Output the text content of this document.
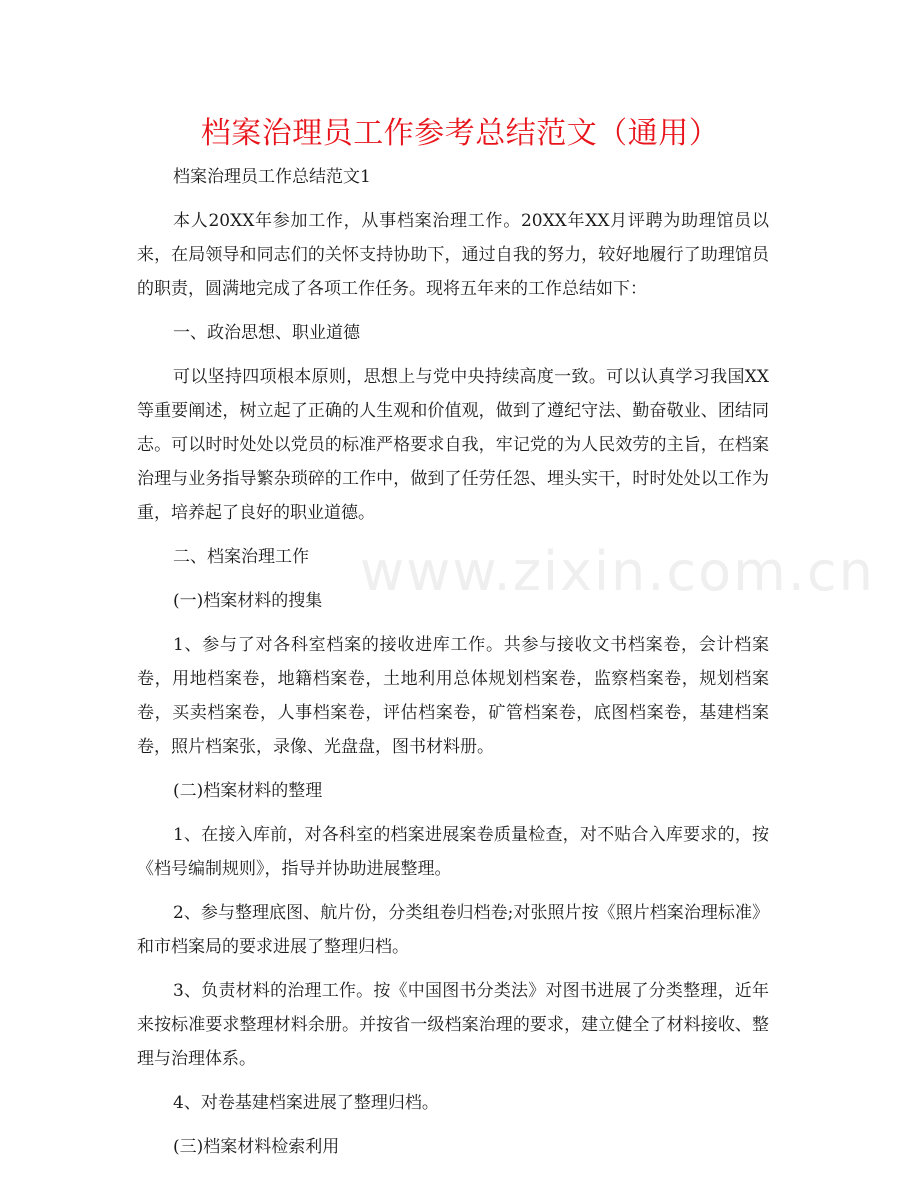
档案治理员工作参考总结范文（通用）

档案治理员工作总结范文1

本人20XX年参加工作，从事档案治理工作。20XX年XX月评聘为助理馆员以来，在局领导和同志们的关怀支持协助下，通过自我的努力，较好地履行了助理馆员的职责，圆满地完成了各项工作任务。现将五年来的工作总结如下：

一、政治思想、职业道德

可以坚持四项根本原则，思想上与党中央持续高度一致。可以认真学习我国XX等重要阐述，树立起了正确的人生观和价值观，做到了遵纪守法、勤奋敬业、团结同志。可以时时处处以党员的标准严格要求自我，牢记党的为人民效劳的主旨，在档案治理与业务指导繁杂琐碎的工作中，做到了任劳任怨、埋头实干，时时处处以工作为重，培养起了良好的职业道德。

二、档案治理工作

(一)档案材料的搜集

1、参与了对各科室档案的接收进库工作。共参与接收文书档案卷，会计档案卷，用地档案卷，地籍档案卷，土地利用总体规划档案卷，监察档案卷，规划档案卷，买卖档案卷，人事档案卷，评估档案卷，矿管档案卷，底图档案卷，基建档案卷，照片档案张，录像、光盘盘，图书材料册。

(二)档案材料的整理

1、在接入库前，对各科室的档案进展案卷质量检查，对不贴合入库要求的，按《档号编制规则》，指导并协助进展整理。

2、参与整理底图、航片份，分类组卷归档卷;对张照片按《照片档案治理标准》和市档案局的要求进展了整理归档。

3、负责材料的治理工作。按《中国图书分类法》对图书进展了分类整理，近年来按标准要求整理材料余册。并按省一级档案治理的要求，建立健全了材料接收、整理与治理体系。

4、对卷基建档案进展了整理归档。

(三)档案材料检索利用

www.zixin.com.cn
